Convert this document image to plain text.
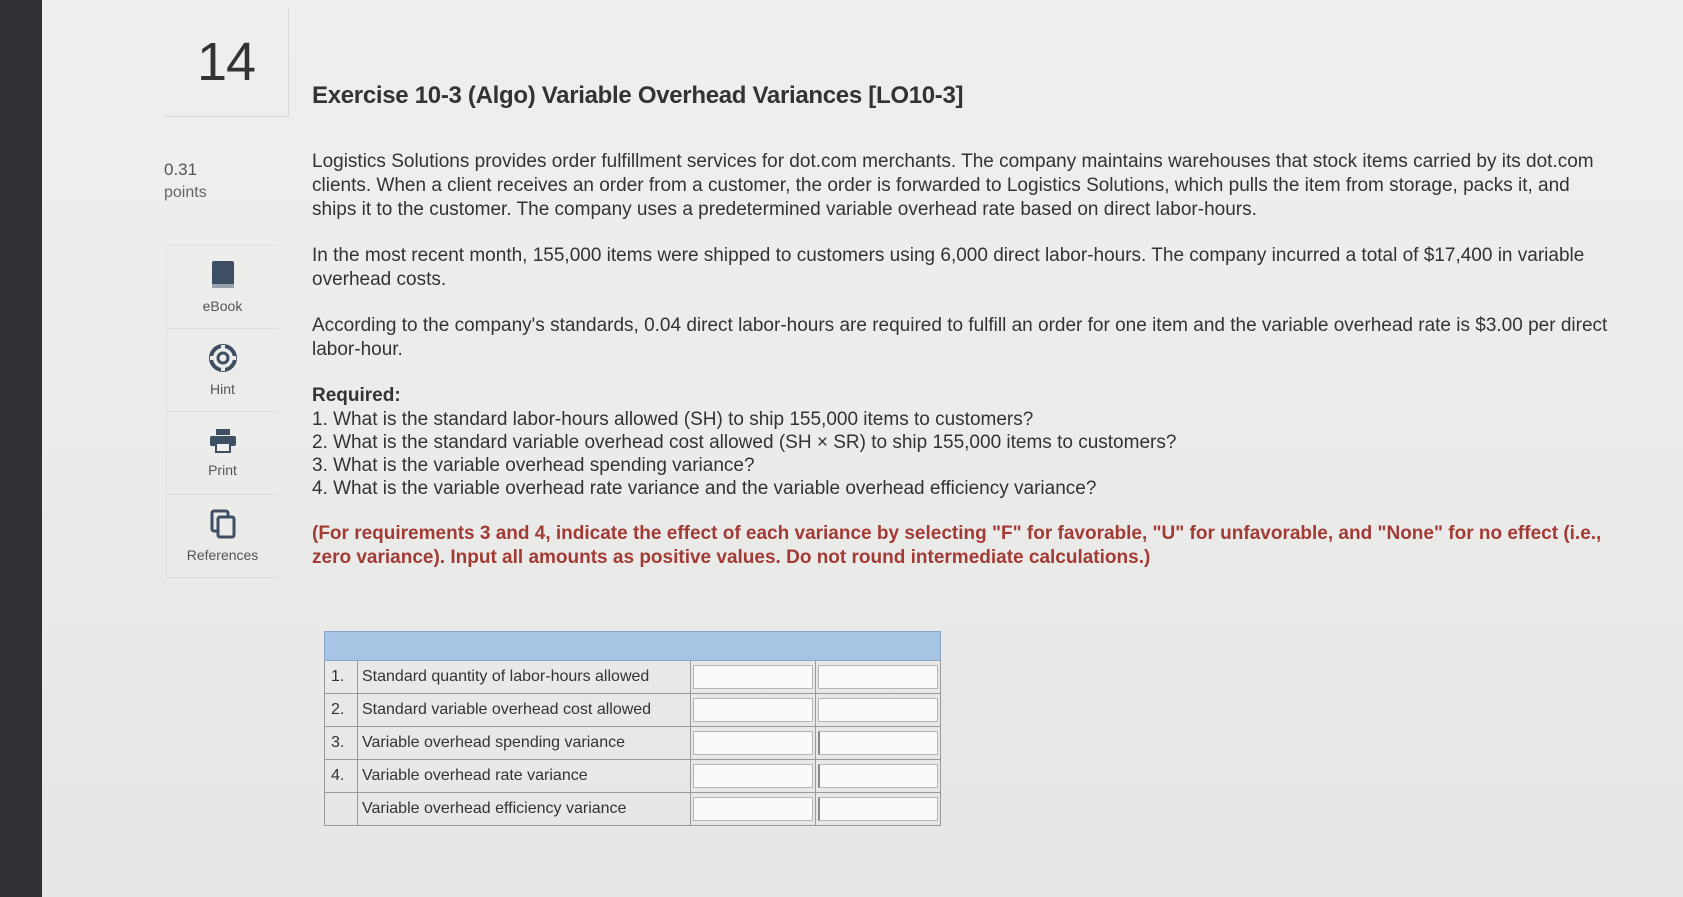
14
0.31
points
eBook
Hint
Print
References
Exercise 10-3 (Algo) Variable Overhead Variances [LO10-3]

Logistics Solutions provides order fulfillment services for dot.com merchants. The company maintains warehouses that stock items carried by its dot.com clients. When a client receives an order from a customer, the order is forwarded to Logistics Solutions, which pulls the item from storage, packs it, and ships it to the customer. The company uses a predetermined variable overhead rate based on direct labor-hours.

In the most recent month, 155,000 items were shipped to customers using 6,000 direct labor-hours. The company incurred a total of $17,400 in variable overhead costs.

According to the company's standards, 0.04 direct labor-hours are required to fulfill an order for one item and the variable overhead rate is $3.00 per direct labor-hour.

Required:
1. What is the standard labor-hours allowed (SH) to ship 155,000 items to customers?
2. What is the standard variable overhead cost allowed (SH × SR) to ship 155,000 items to customers?
3. What is the variable overhead spending variance?
4. What is the variable overhead rate variance and the variable overhead efficiency variance?

(For requirements 3 and 4, indicate the effect of each variance by selecting "F" for favorable, "U" for unfavorable, and "None" for no effect (i.e., zero variance). Input all amounts as positive values. Do not round intermediate calculations.)

1.	Standard quantity of labor-hours allowed	

2.	Standard variable overhead cost allowed	

3.	Variable overhead spending variance	

4.	Variable overhead rate variance	

	Variable overhead efficiency variance	
